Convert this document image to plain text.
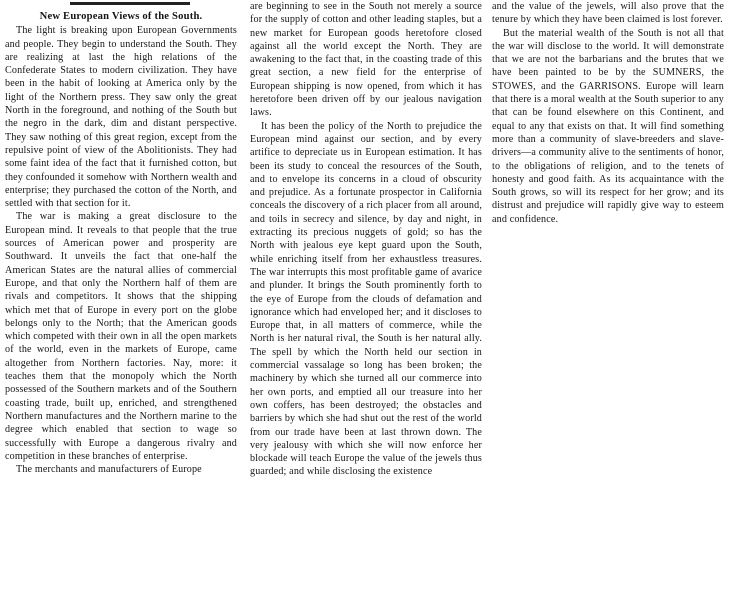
New European Views of the South.

The light is breaking upon European Governments and people. They begin to understand the South. They are realizing at last the high relations of the Confederate States to modern civilization. They have been in the habit of looking at America only by the light of the Northern press. They saw only the great North in the foreground, and nothing of the South but the negro in the dark, dim and distant perspective. They saw nothing of this great region, except from the repulsive point of view of the Abolitionists. They had some faint idea of the fact that it furnished cotton, but they confounded it somehow with Northern wealth and enterprise; they purchased the cotton of the North, and settled with that section for it.

The war is making a great disclosure to the European mind. It reveals to that people that the true sources of American power and prosperity are Southward. It unveils the fact that one-half the American States are the natural allies of commercial Europe, and that only the Northern half of them are rivals and competitors. It shows that the shipping which met that of Europe in every port on the globe belongs only to the North; that the American goods which competed with their own in all the open markets of the world, even in the markets of Europe, came altogether from Northern factories. Nay, more: it teaches them that the monopoly which the North possessed of the Southern markets and of the Southern coasting trade, built up, enriched, and strengthened Northern manufactures and the Northern marine to the degree which enabled that section to wage so successfully with Europe a dangerous rivalry and competition in these branches of enterprise.

The merchants and manufacturers of Europe

are beginning to see in the South not merely a source for the supply of cotton and other leading staples, but a new market for European goods heretofore closed against all the world except the North. They are awakening to the fact that, in the coasting trade of this great section, a new field for the enterprise of European shipping is now opened, from which it has heretofore been driven off by our jealous navigation laws.

It has been the policy of the North to prejudice the European mind against our section, and by every artifice to depreciate us in European estimation. It has been its study to conceal the resources of the South, and to envelope its concerns in a cloud of obscurity and prejudice. As a fortunate prospector in California conceals the discovery of a rich placer from all around, and toils in secrecy and silence, by day and night, in extracting its precious nuggets of gold; so has the North with jealous eye kept guard upon the South, while enriching itself from her exhaustless treasures. The war interrupts this most profitable game of avarice and plunder. It brings the South prominently forth to the eye of Europe from the clouds of defamation and ignorance which had enveloped her; and it discloses to Europe that, in all matters of commerce, while the North is her natural rival, the South is her natural ally. The spell by which the North held our section in commercial vassalage so long has been broken; the machinery by which she turned all our commerce into her own ports, and emptied all our treasure into her own coffers, has been destroyed; the obstacles and barriers by which she had shut out the rest of the world from our trade have been at last thrown down. The very jealousy with which she will now enforce her blockade will teach Europe the value of the jewels thus guarded; and while disclosing the existence

and the value of the jewels, will also prove that the tenure by which they have been claimed is lost forever.

But the material wealth of the South is not all that the war will disclose to the world. It will demonstrate that we are not the barbarians and the brutes that we have been painted to be by the SUMNERS, the STOWES, and the GARRISONS. Europe will learn that there is a moral wealth at the South superior to any that can be found elsewhere on this Continent, and equal to any that exists on that. It will find something more than a community of slave-breeders and slave-drivers—a community alive to the sentiments of honor, to the obligations of religion, and to the tenets of honesty and good faith. As its acquaintance with the South grows, so will its respect for her grow; and its distrust and prejudice will rapidly give way to esteem and confidence.
